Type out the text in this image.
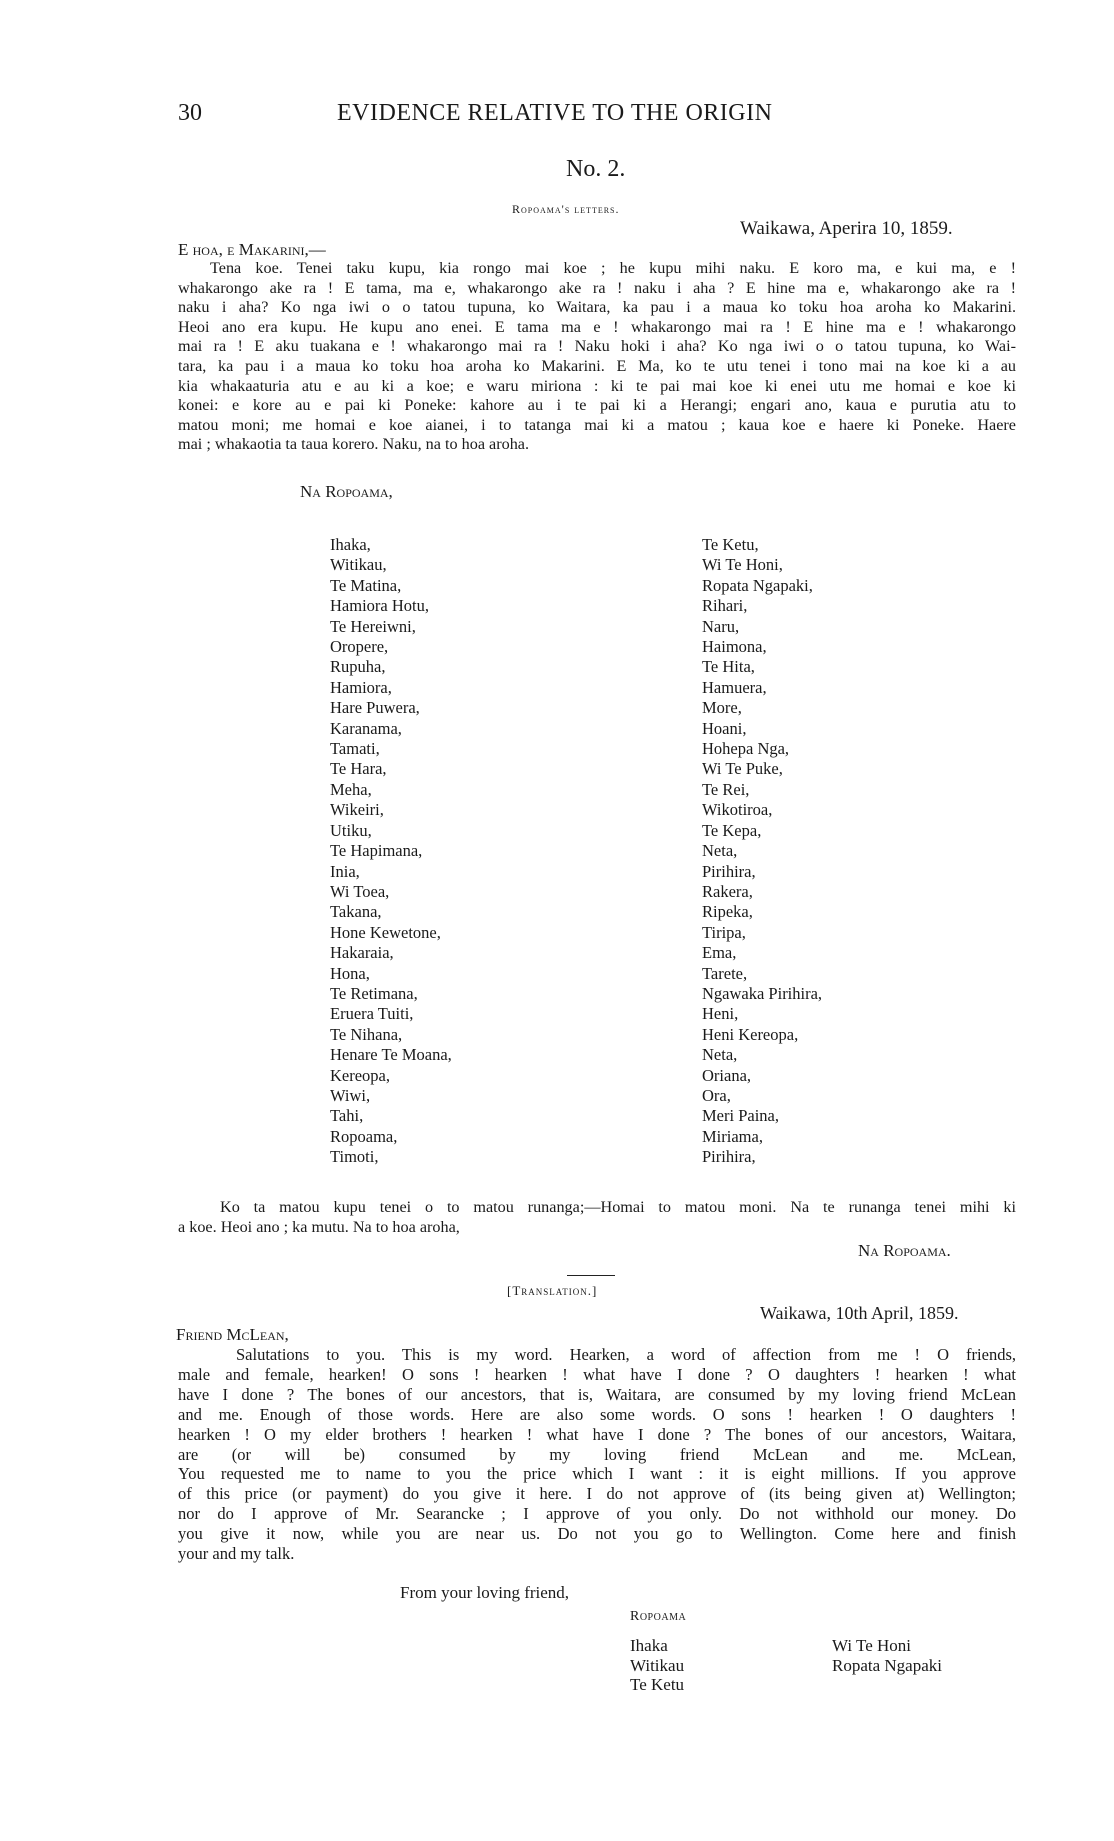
30	EVIDENCE RELATIVE TO THE ORIGIN
No. 2.
Ropoama's letters.
Waikawa, Aperira 10, 1859.
E hoa, e Makarini,—
Tena koe. Tenei taku kupu, kia rongo mai koe ; he kupu mihi naku. E koro ma, e kui ma, e !
whakarongo ake ra ! E tama, ma e, whakarongo ake ra ! naku i aha ? E hine ma e, whakarongo ake ra !
naku i aha? Ko nga iwi o o tatou tupuna, ko Waitara, ka pau i a maua ko toku hoa aroha ko Makarini.
Heoi ano era kupu. He kupu ano enei. E tama ma e ! whakarongo mai ra ! E hine ma e ! whakarongo
mai ra ! E aku tuakana e ! whakarongo mai ra ! Naku hoki i aha? Ko nga iwi o o tatou tupuna, ko Wai-
tara, ka pau i a maua ko toku hoa aroha ko Makarini. E Ma, ko te utu tenei i tono mai na koe ki a au
kia whakaaturia atu e au ki a koe; e waru miriona : ki te pai mai koe ki enei utu me homai e koe ki
konei: e kore au e pai ki Poneke: kahore au i te pai ki a Herangi; engari ano, kaua e purutia atu to
matou moni; me homai e koe aianei, i to tatanga mai ki a matou ; kaua koe e haere ki Poneke. Haere
mai ; whakaotia ta taua korero. Naku, na to hoa aroha.
Na Ropoama,
Ihaka,
Witikau,
Te Matina,
Hamiora Hotu,
Te Hereiwni,
Oropere,
Rupuha,
Hamiora,
Hare Puwera,
Karanama,
Tamati,
Te Hara,
Meha,
Wikeiri,
Utiku,
Te Hapimana,
Inia,
Wi Toea,
Takana,
Hone Kewetone,
Hakaraia,
Hona,
Te Retimana,
Eruera Tuiti,
Te Nihana,
Henare Te Moana,
Kereopa,
Wiwi,
Tahi,
Ropoama,
Timoti,
Te Ketu,
Wi Te Honi,
Ropata Ngapaki,
Rihari,
Naru,
Haimona,
Te Hita,
Hamuera,
More,
Hoani,
Hohepa Nga,
Wi Te Puke,
Te Rei,
Wikotiroa,
Te Kepa,
Neta,
Pirihira,
Rakera,
Ripeka,
Tiripa,
Ema,
Tarete,
Ngawaka Pirihira,
Heni,
Heni Kereopa,
Neta,
Oriana,
Ora,
Meri Paina,
Miriama,
Pirihira,
Ko ta matou kupu tenei o to matou runanga;—Homai to matou moni. Na te runanga tenei mihi ki
a koe. Heoi ano ; ka mutu. Na to hoa aroha,
Na Ropoama.
[Translation.]
Waikawa, 10th April, 1859.
Friend McLean,
Salutations to you. This is my word. Hearken, a word of affection from me ! O friends,
male and female, hearken! O sons ! hearken ! what have I done ? O daughters ! hearken ! what
have I done ? The bones of our ancestors, that is, Waitara, are consumed by my loving friend McLean
and me. Enough of those words. Here are also some words. O sons ! hearken ! O daughters !
hearken ! O my elder brothers ! hearken ! what have I done ? The bones of our ancestors, Waitara,
are (or will be) consumed by my loving friend McLean and me. McLean,
You requested me to name to you the price which I want : it is eight millions. If you approve
of this price (or payment) do you give it here. I do not approve of (its being given at) Wellington;
nor do I approve of Mr. Searancke ; I approve of you only. Do not withhold our money. Do
you give it now, while you are near us. Do not you go to Wellington. Come here and finish
your and my talk.
From your loving friend,
Ropoama
Ihaka
Witikau
Te Ketu
Wi Te Honi
Ropata Ngapaki
